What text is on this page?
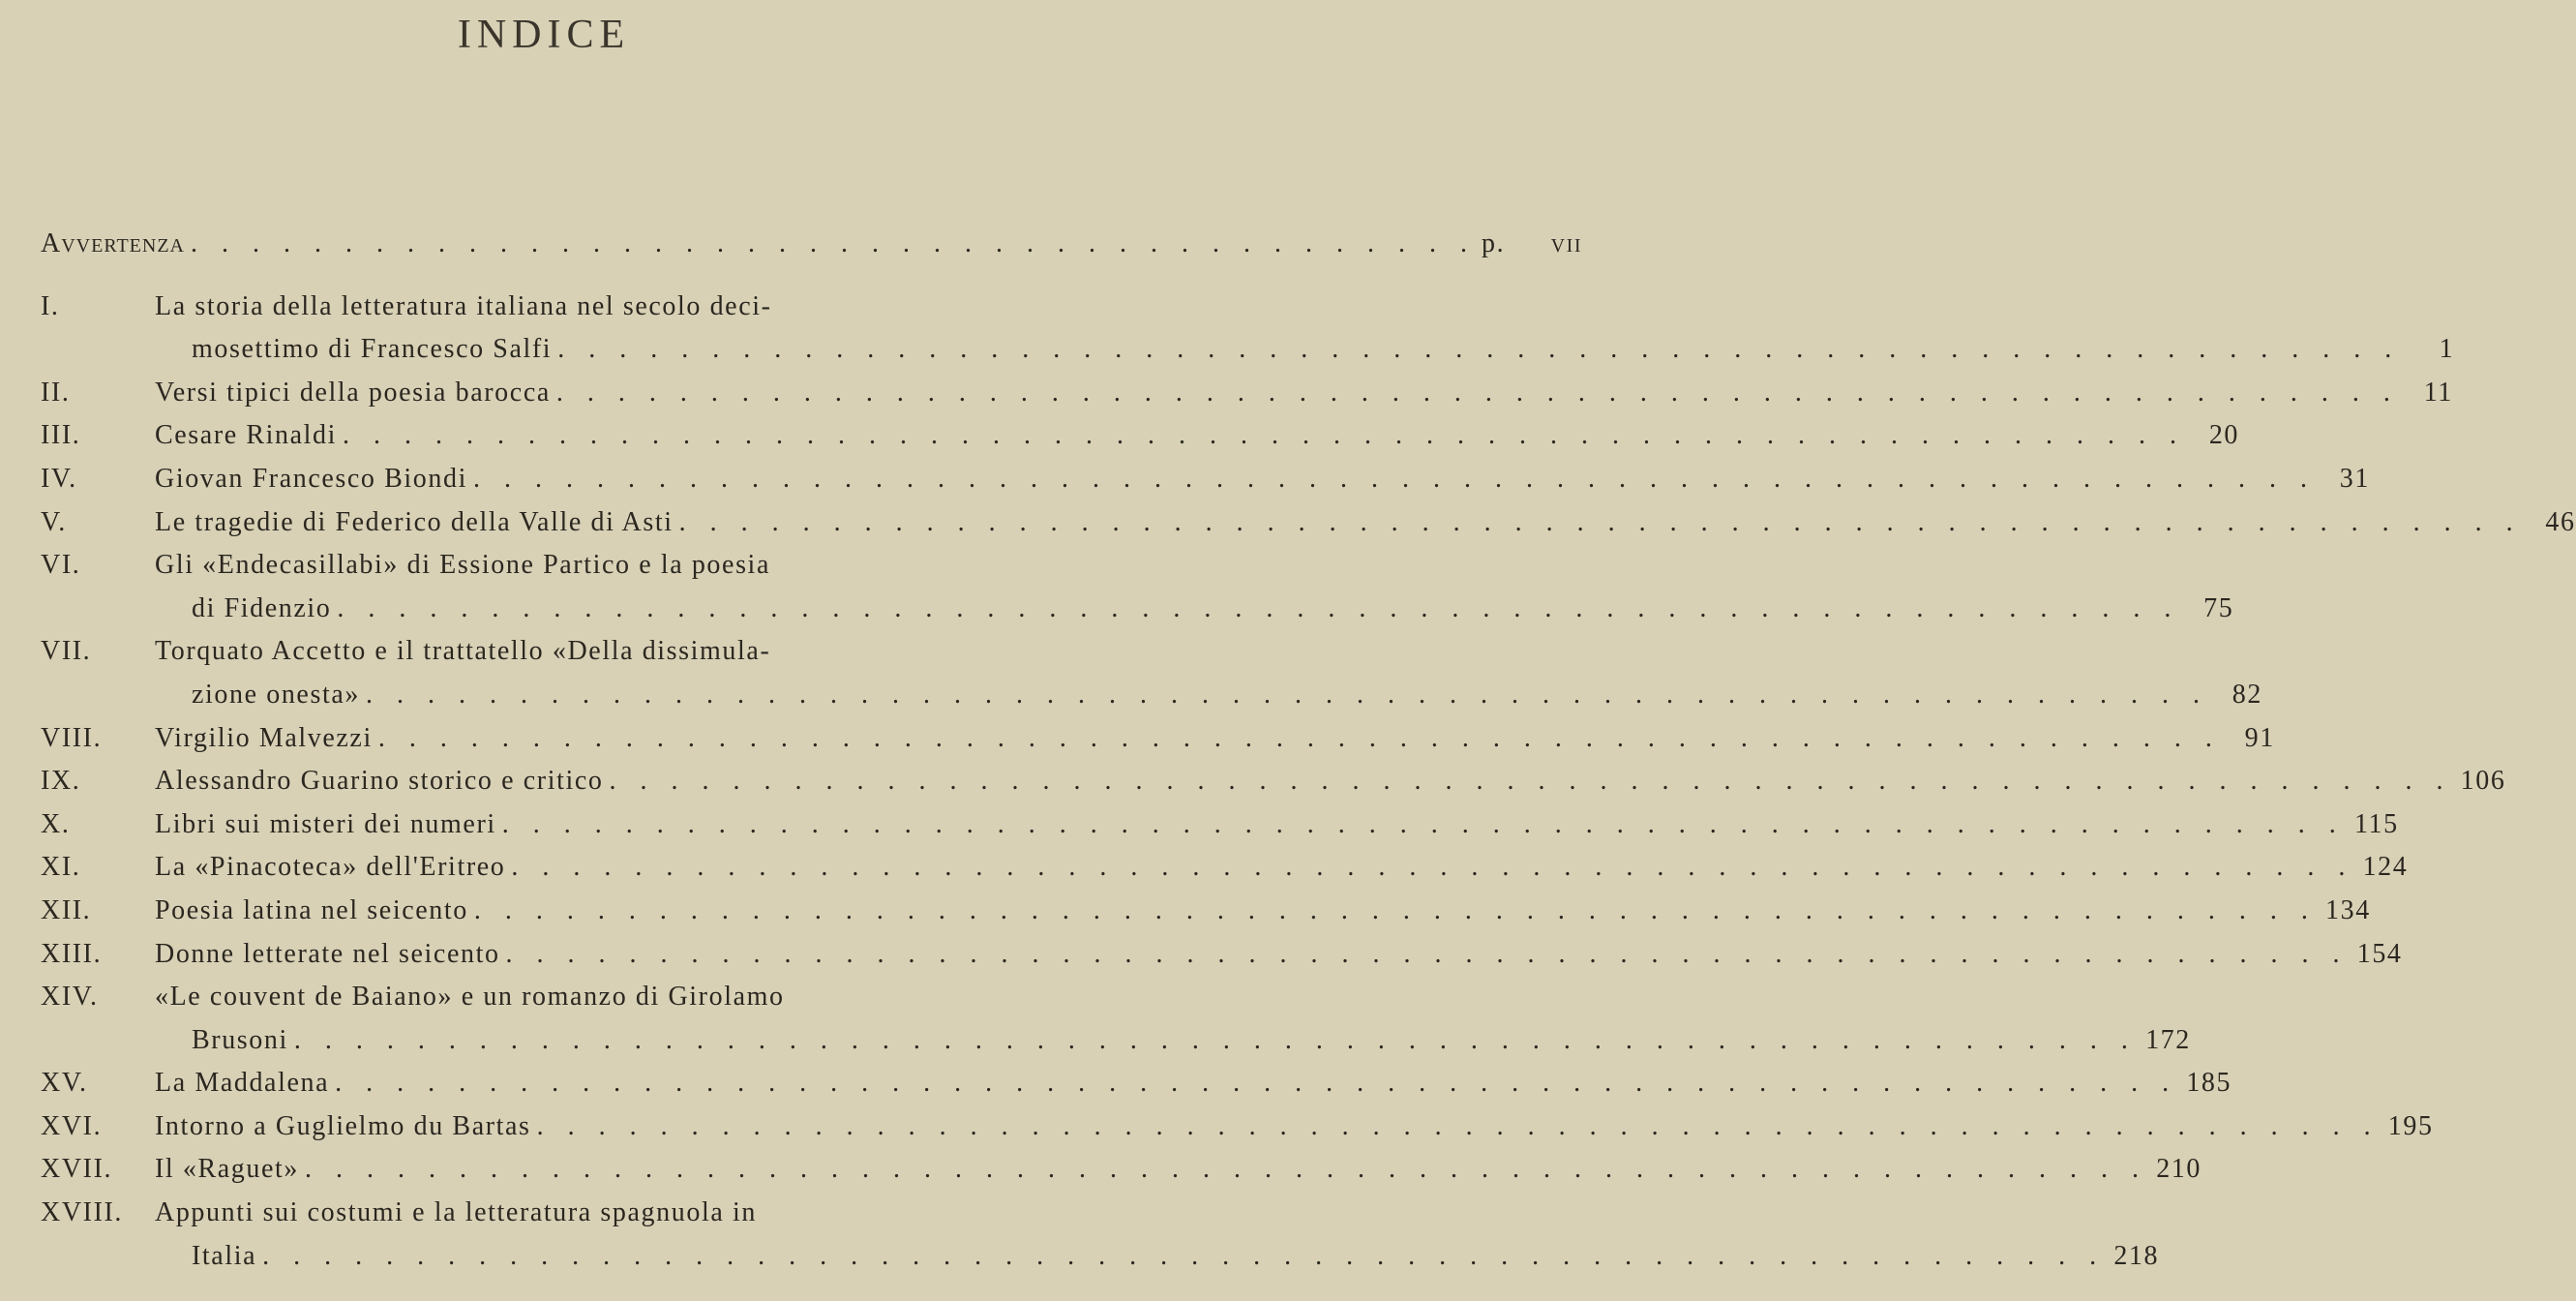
INDICE
Avvertenza . . . . . . . . . . . . . . . . . . . . . . . . . . . . . . . . . . . . . . . . . . p.	vii
I.	La storia della letteratura italiana nel secolo deci-
mosettimo di Francesco Salfi . . . . . . . . . . . . . . . . . . . . . . . . . . . . . . . . . . . . . . . . . . . . . . . . . . . . . . . . . . . .	1
II.	Versi tipici della poesia barocca . . . . . . . . . . . . . . . . . . . . . . . . . . . . . . . . . . . . . . . . . . . . . . . . . . . . . . . . . . . . 11
III.	Cesare Rinaldi . . . . . . . . . . . . . . . . . . . . . . . . . . . . . . . . . . . . . . . . . . . . . . . . . . . . . . . . . . . . 20
IV.	Giovan Francesco Biondi . . . . . . . . . . . . . . . . . . . . . . . . . . . . . . . . . . . . . . . . . . . . . . . . . . . . . . . . . . . . 31
V.	Le tragedie di Federico della Valle di Asti . . . . . . . . . . . . . . . . . . . . . . . . . . . . . . . . . . . . . . . . . . . . . . . . . . . . . . . . . . . . 46
VI.	Gli «Endecasillabi» di Essione Partico e la poesia
di Fidenzio . . . . . . . . . . . . . . . . . . . . . . . . . . . . . . . . . . . . . . . . . . . . . . . . . . . . . . . . . . . . 75
VII.	Torquato Accetto e il trattatello «Della dissimula-
zione onesta» . . . . . . . . . . . . . . . . . . . . . . . . . . . . . . . . . . . . . . . . . . . . . . . . . . . . . . . . . . . . 82
VIII.	Virgilio Malvezzi . . . . . . . . . . . . . . . . . . . . . . . . . . . . . . . . . . . . . . . . . . . . . . . . . . . . . . . . . . . . 91
IX.	Alessandro Guarino storico e critico . . . . . . . . . . . . . . . . . . . . . . . . . . . . . . . . . . . . . . . . . . . . . . . . . . . . . . . . . . . . 106
X.	Libri sui misteri dei numeri . . . . . . . . . . . . . . . . . . . . . . . . . . . . . . . . . . . . . . . . . . . . . . . . . . . . . . . . . . . . 115
XI.	La «Pinacoteca» dell'Eritreo . . . . . . . . . . . . . . . . . . . . . . . . . . . . . . . . . . . . . . . . . . . . . . . . . . . . . . . . . . . . 124
XII.	Poesia latina nel seicento . . . . . . . . . . . . . . . . . . . . . . . . . . . . . . . . . . . . . . . . . . . . . . . . . . . . . . . . . . . . 134
XIII.	Donne letterate nel seicento . . . . . . . . . . . . . . . . . . . . . . . . . . . . . . . . . . . . . . . . . . . . . . . . . . . . . . . . . . . . 154
XIV.	«Le couvent de Baiano» e un romanzo di Girolamo
Brusoni . . . . . . . . . . . . . . . . . . . . . . . . . . . . . . . . . . . . . . . . . . . . . . . . . . . . . . . . . . . . 172
XV.	La Maddalena . . . . . . . . . . . . . . . . . . . . . . . . . . . . . . . . . . . . . . . . . . . . . . . . . . . . . . . . . . . . 185
XVI.	Intorno a Guglielmo du Bartas . . . . . . . . . . . . . . . . . . . . . . . . . . . . . . . . . . . . . . . . . . . . . . . . . . . . . . . . . . . . 195
XVII.	Il «Raguet» . . . . . . . . . . . . . . . . . . . . . . . . . . . . . . . . . . . . . . . . . . . . . . . . . . . . . . . . . . . . 210
XVIII.	Appunti sui costumi e la letteratura spagnuola in
Italia . . . . . . . . . . . . . . . . . . . . . . . . . . . . . . . . . . . . . . . . . . . . . . . . . . . . . . . . . . . . 218
